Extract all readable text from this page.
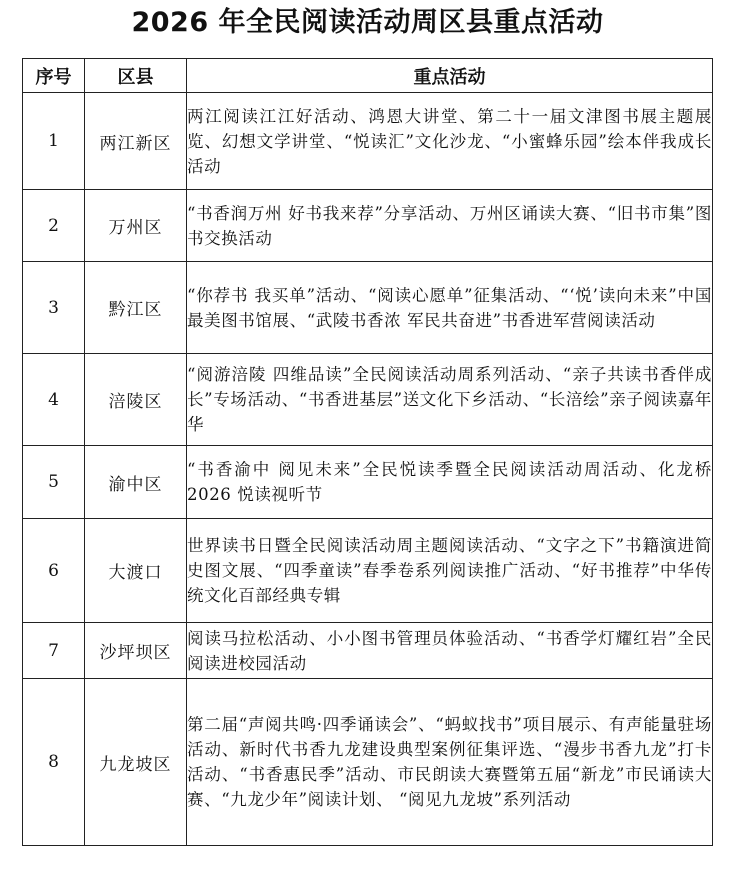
2026 年全民阅读活动周区县重点活动
序号	区县	重点活动
1	两江新区	两江阅读江江好活动、鸿恩大讲堂、第二十一届文津图书展主题展览、幻想文学讲堂、“悦读汇”文化沙龙、“小蜜蜂乐园”绘本伴我成长活动
2	万州区	“书香润万州 好书我来荐”分享活动、万州区诵读大赛、“旧书市集”图书交换活动
3	黔江区	“你荐书 我买单”活动、“阅读心愿单”征集活动、“‘悦’读向未来”中国最美图书馆展、“武陵书香浓 军民共奋进”书香进军营阅读活动
4	涪陵区	“阅游涪陵 四维品读”全民阅读活动周系列活动、“亲子共读书香伴成长”专场活动、“书香进基层”送文化下乡活动、“长涪绘”亲子阅读嘉年华
5	渝中区	“书香渝中 阅见未来”全民悦读季暨全民阅读活动周活动、化龙桥 2026 悦读视听节
6	大渡口	世界读书日暨全民阅读活动周主题阅读活动、“文字之下”书籍演进简史图文展、“四季童读”春季卷系列阅读推广活动、“好书推荐”中华传统文化百部经典专辑
7	沙坪坝区	阅读马拉松活动、小小图书管理员体验活动、“书香学灯耀红岩”全民阅读进校园活动
8	九龙坡区	第二届“声阅共鸣·四季诵读会”、“蚂蚁找书”项目展示、有声能量驻场活动、新时代书香九龙建设典型案例征集评选、“漫步书香九龙”打卡活动、“书香惠民季”活动、市民朗读大赛暨第五届“新龙”市民诵读大赛、“九龙少年”阅读计划、 “阅见九龙坡”系列活动
